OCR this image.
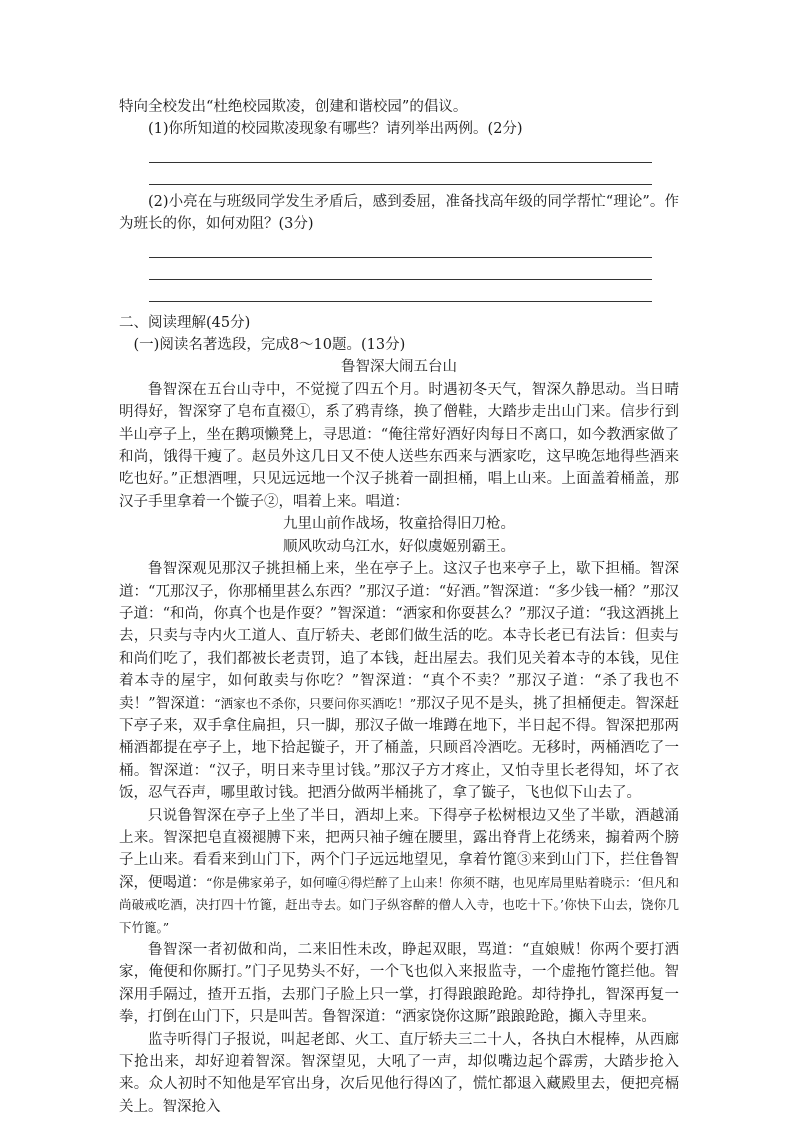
特向全校发出“杜绝校园欺凌，创建和谐校园”的倡议。

(1)你所知道的校园欺凌现象有哪些？请列举出两例。(2分)

(2)小亮在与班级同学发生矛盾后，感到委屈，准备找高年级的同学帮忙“理论”。作为班长的你，如何劝阻？(3分)

二、阅读理解(45分)

(一)阅读名著选段，完成8～10题。(13分)

鲁智深大闹五台山

鲁智深在五台山寺中，不觉搅了四五个月。时遇初冬天气，智深久静思动。当日晴明得好，智深穿了皂布直裰①，系了鸦青绦，换了僧鞋，大踏步走出山门来。信步行到半山亭子上，坐在鹅项懒凳上，寻思道：“俺往常好酒好肉每日不离口，如今教洒家做了和尚，饿得干瘦了。赵员外这几日又不使人送些东西来与洒家吃，这早晚怎地得些酒来吃也好。”正想酒哩，只见远远地一个汉子挑着一副担桶，唱上山来。上面盖着桶盖，那汉子手里拿着一个镟子②，唱着上来。唱道：

九里山前作战场，牧童拾得旧刀枪。

顺风吹动乌江水，好似虞姬别霸王。

鲁智深观见那汉子挑担桶上来，坐在亭子上。这汉子也来亭子上，歇下担桶。智深道：“兀那汉子，你那桶里甚么东西？”那汉子道：“好酒。”智深道：“多少钱一桶？”那汉子道：“和尚，你真个也是作耍？”智深道：“洒家和你耍甚么？”那汉子道：“我这酒挑上去，只卖与寺内火工道人、直厅轿夫、老郎们做生活的吃。本寺长老已有法旨：但卖与和尚们吃了，我们都被长老责罚，追了本钱，赶出屋去。我们见关着本寺的本钱，见住着本寺的屋宇，如何敢卖与你吃？”智深道：“真个不卖？”那汉子道：“杀了我也不卖！”智深道：“洒家也不杀你，只要问你买酒吃！”那汉子见不是头，挑了担桶便走。智深赶下亭子来，双手拿住扁担，只一脚，那汉子做一堆蹲在地下，半日起不得。智深把那两桶酒都提在亭子上，地下拾起镟子，开了桶盖，只顾舀冷酒吃。无移时，两桶酒吃了一桶。智深道：“汉子，明日来寺里讨钱。”那汉子方才疼止，又怕寺里长老得知，坏了衣饭，忍气吞声，哪里敢讨钱。把酒分做两半桶挑了，拿了镟子，飞也似下山去了。

只说鲁智深在亭子上坐了半日，酒却上来。下得亭子松树根边又坐了半歇，酒越涌上来。智深把皂直裰褪膊下来，把两只袖子缠在腰里，露出脊背上花绣来，搧着两个膀子上山来。看看来到山门下，两个门子远远地望见，拿着竹篦③来到山门下，拦住鲁智深，便喝道：“你是佛家弟子，如何噇④得烂醉了上山来！你须不瞎，也见库局里贴着晓示：‘但凡和尚破戒吃酒，决打四十竹篦，赶出寺去。如门子纵容醉的僧人入寺，也吃十下。’你快下山去，饶你几下竹篦。”

鲁智深一者初做和尚，二来旧性未改，睁起双眼，骂道：“直娘贼！你两个要打洒家，俺便和你厮打。”门子见势头不好，一个飞也似入来报监寺，一个虚拖竹篦拦他。智深用手隔过，揸开五指，去那门子脸上只一掌，打得踉踉跄跄。却待挣扎，智深再复一拳，打倒在山门下，只是叫苦。鲁智深道：“洒家饶你这厮”踉踉跄跄，攧入寺里来。

监寺听得门子报说，叫起老郎、火工、直厅轿夫三二十人，各执白木棍棒，从西廊下抢出来，却好迎着智深。智深望见，大吼了一声，却似嘴边起个霹雳，大踏步抢入来。众人初时不知他是军官出身，次后见他行得凶了，慌忙都退入藏殿里去，便把亮槅关上。智深抢入
